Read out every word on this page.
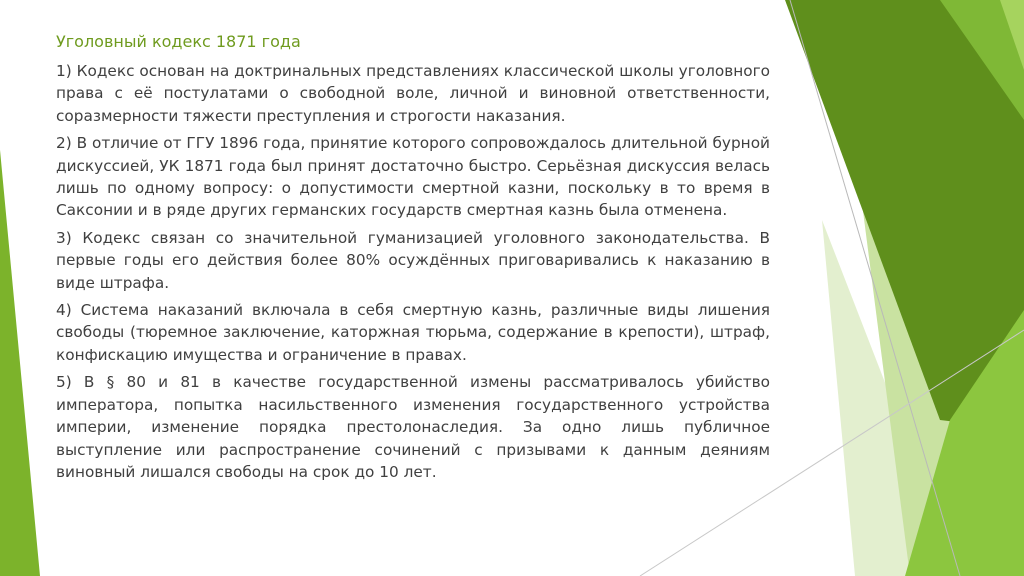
Уголовный кодекс 1871 года

1) Кодекс основан на доктринальных представлениях классической школы уголовного права с её постулатами о свободной воле, личной и виновной ответственности, соразмерности тяжести преступления и строгости наказания.

2) В отличие от ГГУ 1896 года, принятие которого сопровождалось длительной бурной дискуссией, УК 1871 года был принят достаточно быстро. Серьёзная дискуссия велась лишь по одному вопросу: о допустимости смертной казни, поскольку в то время в Саксонии и в ряде других германских государств смертная казнь была отменена.

3) Кодекс связан со значительной гуманизацией уголовного законодательства. В первые годы его действия более 80% осуждённых приговаривались к наказанию в виде штрафа.

4) Система наказаний включала в себя смертную казнь, различные виды лишения свободы (тюремное заключение, каторжная тюрьма, содержание в крепости), штраф, конфискацию имущества и ограничение в правах.

5) В § 80 и 81 в качестве государственной измены рассматривалось убийство императора, попытка насильственного изменения государственного устройства империи, изменение порядка престолонаследия. За одно лишь публичное выступление или распространение сочинений с призывами к данным деяниям виновный лишался свободы на срок до 10 лет.
